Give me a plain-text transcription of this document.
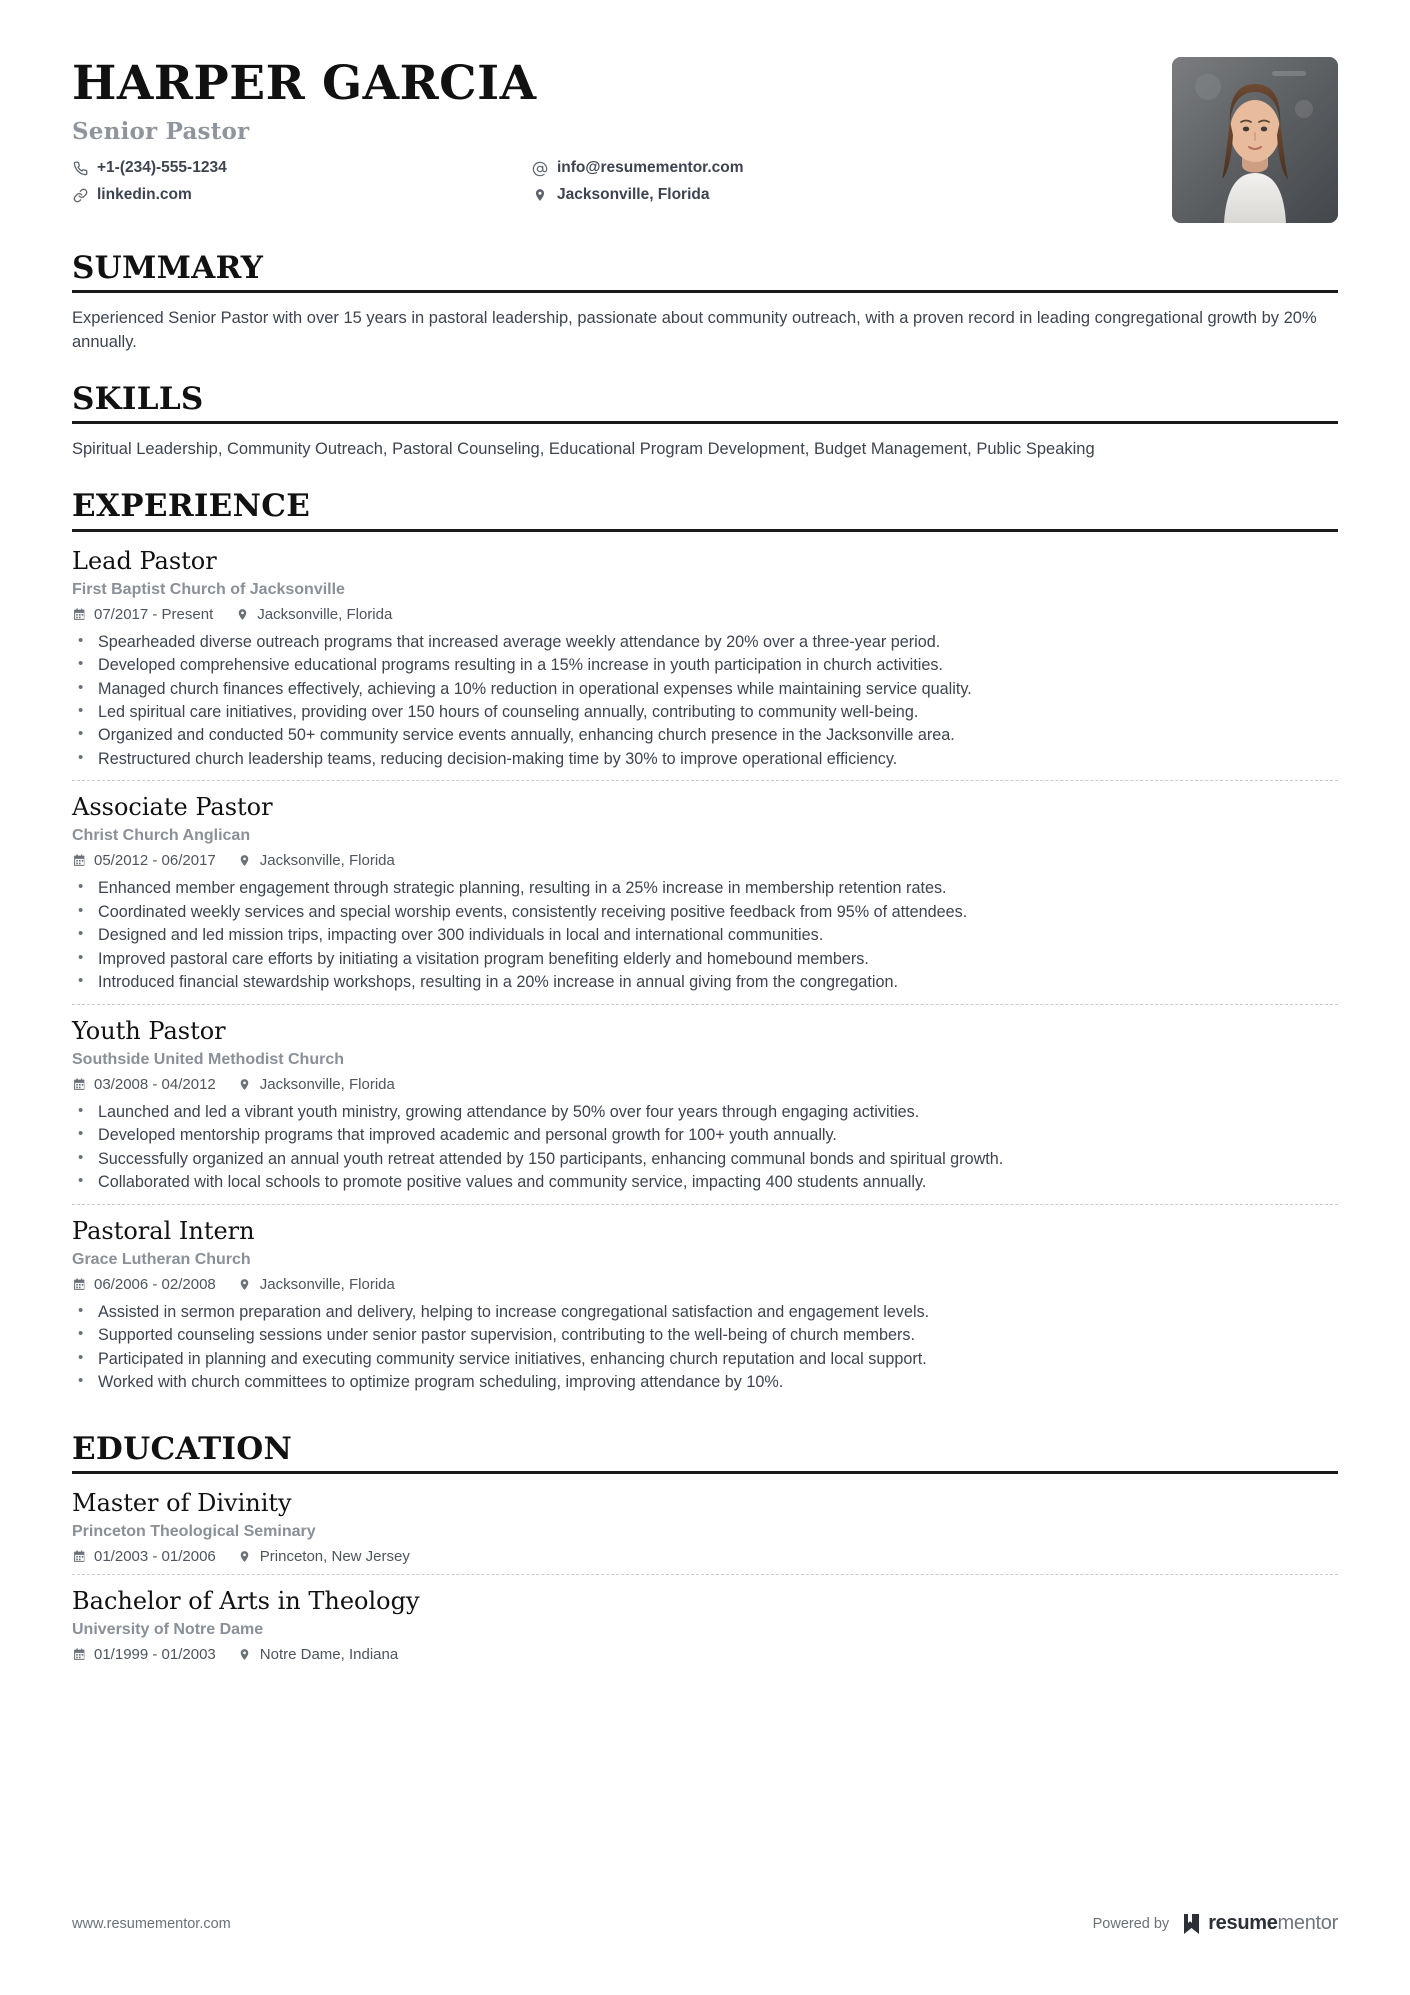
HARPER GARCIA
Senior Pastor
+1-(234)-555-1234
linkedin.com
info@resumementor.com
Jacksonville, Florida
SUMMARY
Experienced Senior Pastor with over 15 years in pastoral leadership, passionate about community outreach, with a proven record in leading congregational growth by 20% annually.
SKILLS
Spiritual Leadership, Community Outreach, Pastoral Counseling, Educational Program Development, Budget Management, Public Speaking
EXPERIENCE
Lead Pastor
First Baptist Church of Jacksonville
07/2017 - Present	Jacksonville, Florida
• Spearheaded diverse outreach programs that increased average weekly attendance by 20% over a three-year period.
• Developed comprehensive educational programs resulting in a 15% increase in youth participation in church activities.
• Managed church finances effectively, achieving a 10% reduction in operational expenses while maintaining service quality.
• Led spiritual care initiatives, providing over 150 hours of counseling annually, contributing to community well-being.
• Organized and conducted 50+ community service events annually, enhancing church presence in the Jacksonville area.
• Restructured church leadership teams, reducing decision-making time by 30% to improve operational efficiency.
Associate Pastor
Christ Church Anglican
05/2012 - 06/2017	Jacksonville, Florida
• Enhanced member engagement through strategic planning, resulting in a 25% increase in membership retention rates.
• Coordinated weekly services and special worship events, consistently receiving positive feedback from 95% of attendees.
• Designed and led mission trips, impacting over 300 individuals in local and international communities.
• Improved pastoral care efforts by initiating a visitation program benefiting elderly and homebound members.
• Introduced financial stewardship workshops, resulting in a 20% increase in annual giving from the congregation.
Youth Pastor
Southside United Methodist Church
03/2008 - 04/2012	Jacksonville, Florida
• Launched and led a vibrant youth ministry, growing attendance by 50% over four years through engaging activities.
• Developed mentorship programs that improved academic and personal growth for 100+ youth annually.
• Successfully organized an annual youth retreat attended by 150 participants, enhancing communal bonds and spiritual growth.
• Collaborated with local schools to promote positive values and community service, impacting 400 students annually.
Pastoral Intern
Grace Lutheran Church
06/2006 - 02/2008	Jacksonville, Florida
• Assisted in sermon preparation and delivery, helping to increase congregational satisfaction and engagement levels.
• Supported counseling sessions under senior pastor supervision, contributing to the well-being of church members.
• Participated in planning and executing community service initiatives, enhancing church reputation and local support.
• Worked with church committees to optimize program scheduling, improving attendance by 10%.
EDUCATION
Master of Divinity
Princeton Theological Seminary
01/2003 - 01/2006	Princeton, New Jersey
Bachelor of Arts in Theology
University of Notre Dame
01/1999 - 01/2003	Notre Dame, Indiana
www.resumementor.com	Powered by resumementor
